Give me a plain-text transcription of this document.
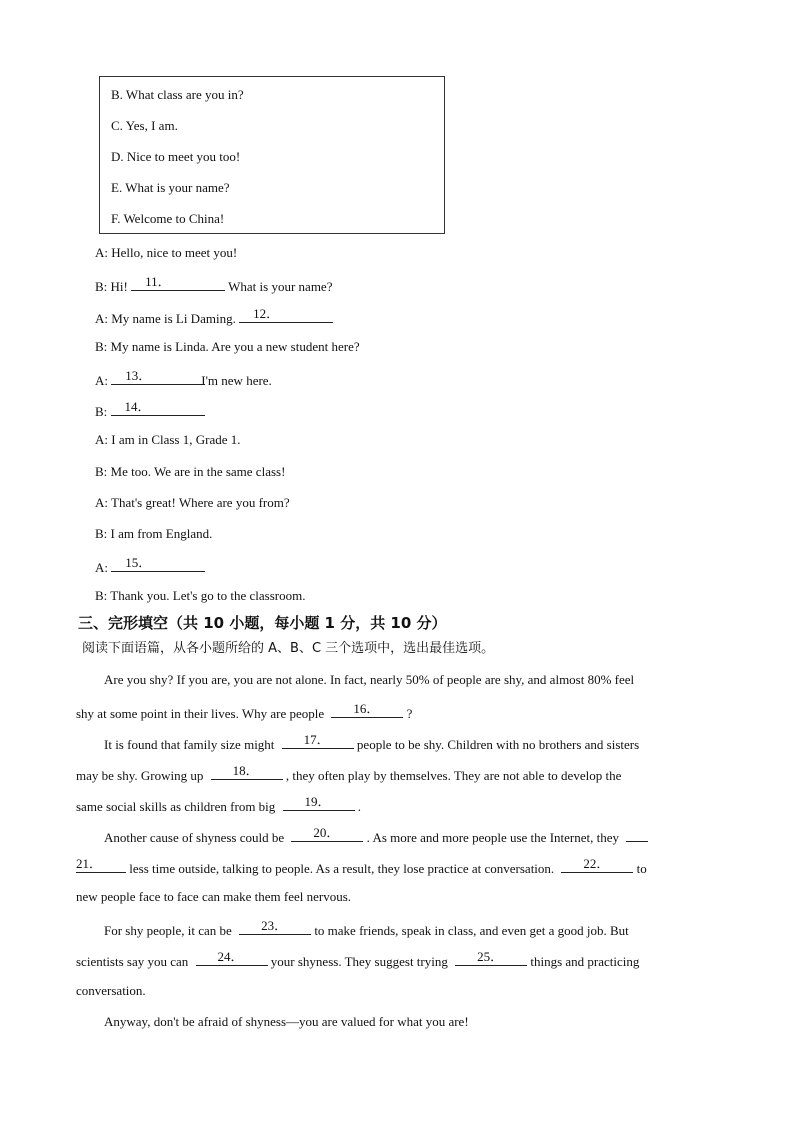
B. What class are you in?
C. Yes, I am.
D. Nice to meet you too!
E. What is your name?
F. Welcome to China!
A: Hello, nice to meet you!
B: Hi! 11．	What is your name?
A: My name is Li Daming. 12．
B: My name is Linda. Are you a new student here?
A: 13．	I'm new here.
B: 14．
A: I am in Class 1, Grade 1.
B: Me too. We are in the same class!
A: That's great! Where are you from?
B: I am from England.
A: 15．
B: Thank you. Let's go to the classroom.
三、完形填空（共 10 小题，每小题 1 分，共 10 分）
阅读下面语篇，从各小题所给的 A、B、C 三个选项中，选出最佳选项。
Are you shy? If you are, you are not alone. In fact, nearly 50% of people are shy, and almost 80% feel
shy at some point in their lives. Why are people 16． ?
It is found that family size might 17． people to be shy. Children with no brothers and sisters
may be shy. Growing up 18． , they often play by themselves. They are not able to develop the
same social skills as children from big 19． .
Another cause of shyness could be 20． . As more and more people use the Internet, they
21． less time outside, talking to people. As a result, they lose practice at conversation. 22． to
new people face to face can make them feel nervous.
For shy people, it can be 23． to make friends, speak in class, and even get a good job. But
scientists say you can 24． your shyness. They suggest trying 25． things and practicing
conversation.
Anyway, don't be afraid of shyness—you are valued for what you are!
